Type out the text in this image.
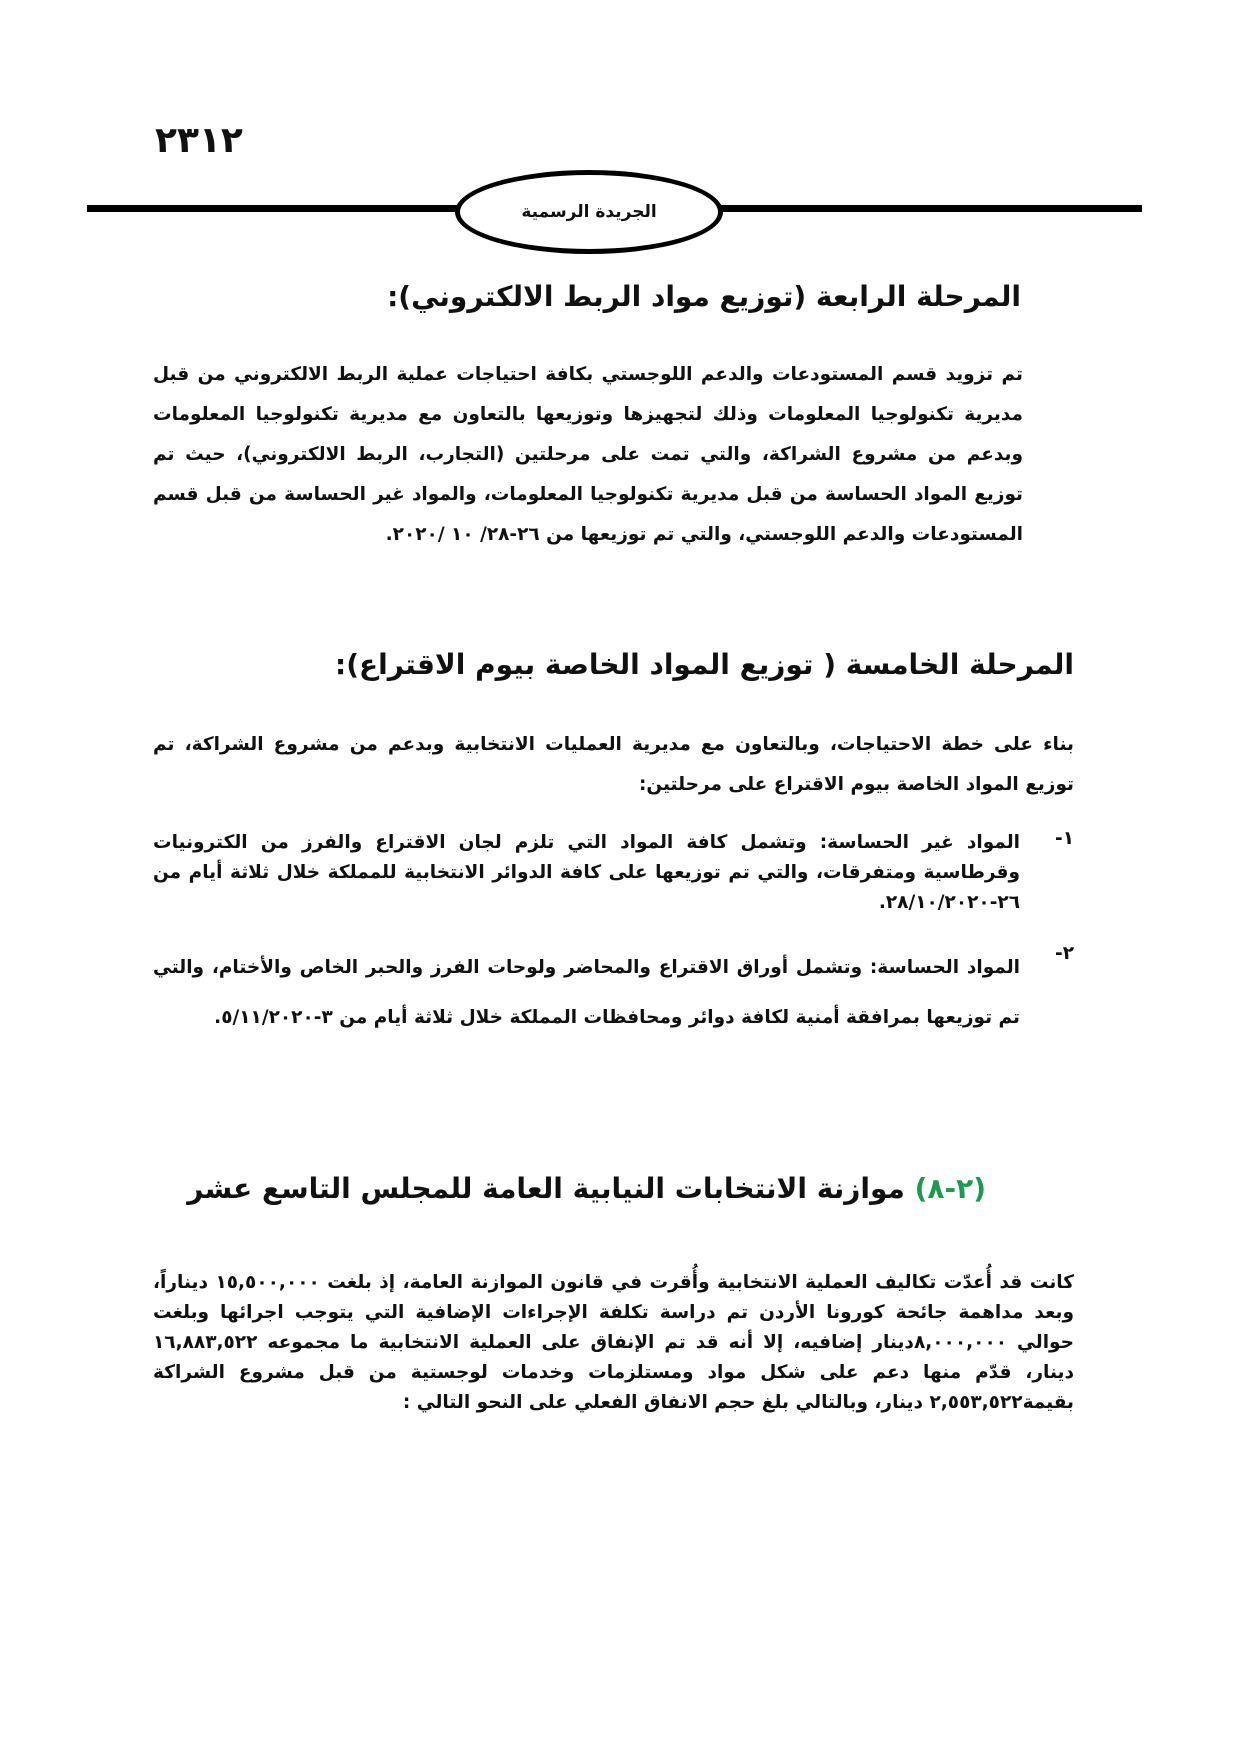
٢٣١٢
الجريدة الرسمية
المرحلة الرابعة (توزيع مواد الربط الالكتروني):

تم تزويد قسم المستودعات والدعم اللوجستي بكافة احتياجات عملية الربط الالكتروني من قبل مديرية تكنولوجيا المعلومات وذلك لتجهيزها وتوزيعها بالتعاون مع مديرية تكنولوجيا المعلومات وبدعم من مشروع الشراكة، والتي تمت على مرحلتين (التجارب، الربط الالكتروني)، حيث تم توزيع المواد الحساسة من قبل مديرية تكنولوجيا المعلومات، والمواد غير الحساسة من قبل قسم المستودعات والدعم اللوجستي، والتي تم توزيعها من ٢٦-٢٨/ ١٠ /٢٠٢٠.

المرحلة الخامسة ( توزيع المواد الخاصة بيوم الاقتراع):

بناء على خطة الاحتياجات، وبالتعاون مع مديرية العمليات الانتخابية وبدعم من مشروع الشراكة، تم توزيع المواد الخاصة بيوم الاقتراع على مرحلتين:

١-

المواد غير الحساسة: وتشمل كافة المواد التي تلزم لجان الاقتراع والفرز من الكترونيات وقرطاسية ومتفرقات، والتي تم توزيعها على كافة الدوائر الانتخابية للمملكة خلال ثلاثة أيام من ٢٦-٢٨/١٠/٢٠٢٠.

٢-

المواد الحساسة: وتشمل أوراق الاقتراع والمحاضر ولوحات الفرز والحبر الخاص والأختام، والتي تم توزيعها بمرافقة أمنية لكافة دوائر ومحافظات المملكة خلال ثلاثة أيام من ٣-٥/١١/٢٠٢٠.

(٢-٨) موازنة الانتخابات النيابية العامة للمجلس التاسع عشر

كانت قد أُعدّت تكاليف العملية الانتخابية وأُقرت في قانون الموازنة العامة، إذ بلغت ١٥,٥٠٠,٠٠٠ ديناراً، وبعد مداهمة جائحة كورونا الأردن تم دراسة تكلفة الإجراءات الإضافية التي يتوجب اجرائها وبلغت حوالي ٨,٠٠٠,٠٠٠دينار إضافيه، إلا أنه قد تم الإنفاق على العملية الانتخابية ما مجموعه ١٦,٨٨٣,٥٢٢ دينار، قدّم منها دعم على شكل مواد ومستلزمات وخدمات لوجستية من قبل مشروع الشراكة بقيمة٢,٥٥٣,٥٢٢ دينار، وبالتالي بلغ حجم الانفاق الفعلي على النحو التالي :
